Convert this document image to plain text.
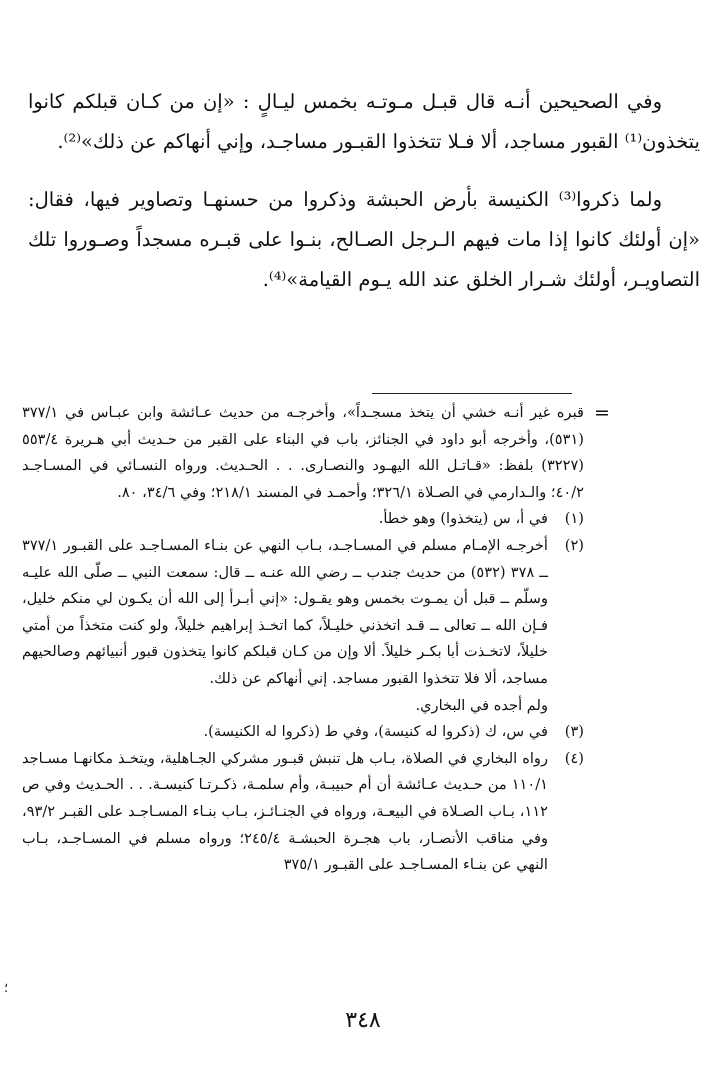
وفي الصحيحين أنـه قال قبـل مـوتـه بخمس ليـالٍ : «إن من كـان قبلكم كانوا يتخذون⁽¹⁾ القبور مساجد، ألا فـلا تتخذوا القبـور مساجـد، وإني أنهاكم عن ذلك»⁽²⁾.

ولما ذكروا⁽³⁾ الكنيسة بأرض الحبشة وذكروا من حسنهـا وتصاوير فيها، فقال: «إن أولئك كانوا إذا مات فيهم الـرجل الصـالح، بنـوا على قبـره مسجداً وصـوروا تلك التصاويـر، أولئك شـرار الخلق عند الله يـوم القيامة»⁽⁴⁾.

=
قبره غير أنـه خشي أن يتخذ مسجـداً»، وأخرجـه من حديث عـائشة وابن عبـاس في ٣٧٧/١ (٥٣١)، وأخرجه أبو داود في الجنائز، باب في البناء على القبر من حـديث أبي هـريرة ٥٥٣/٤ (٣٢٢٧) بلفظ: «قـاتـل الله اليهـود والنصـارى. . . الحـديث. ورواه النسـائي في المسـاجـد ٤٠/٢؛ والـدارمي في الصـلاة ٣٢٦/١؛ وأحمـد في المسند ٢١٨/١؛ وفي ٣٤/٦، ٨٠.
(١)

في أ، س (يتخذوا) وهو خطأ.

(٢)

أخرجـه الإمـام مسلم في المسـاجـد، بـاب النهي عن بنـاء المسـاجـد على القبـور ٣٧٧/١ ــ ٣٧٨ (٥٣٢) من حديث جندب ــ رضي الله عنـه ــ قال: سمعت النبي ــ صلّى الله عليـه وسلّم ــ قبل أن يمـوت بخمس وهو يقـول: «إني أبـرأ إلى الله أن يكـون لي منكم خليل، فـإن الله ــ تعالى ــ قـد اتخذني خليـلاً، كما اتخـذ إبراهيم خليلاً، ولو كنت متخذاً من أمتي خليلاً، لاتخـذت أبا بكـر خليلاً. ألا وإن من كـان قبلكم كانوا يتخذون قبور أنبيائهم وصالحيهم مساجد، ألا فلا تتخذوا القبور مساجد. إني أنهاكم عن ذلك.

ولم أجده في البخاري.

(٣)

في س، ك (ذكروا له كنيسة)، وفي ط (ذكروا له الكنيسة).

(٤)

رواه البخاري في الصلاة، بـاب هل تنبش قبـور مشركي الجـاهلية، ويتخـذ مكانهـا مسـاجد ١١٠/١ من حـديث عـائشة أن أم حبيبـة، وأم سلمـة، ذكـرتـا كنيسـة. . . الحـديث وفي ص ١١٢، بـاب الصـلاة في البيعـة، ورواه في الجنـائـز، بـاب بنـاء المسـاجـد على القبـر ٩٣/٢، وفي مناقب الأنصـار، باب هجـرة الحبشـة ٢٤٥/٤؛ ورواه مسلم في المسـاجـد، بـاب النهي عن بنـاء المسـاجـد على القبـور ٣٧٥/١

؛
٣٤٨
